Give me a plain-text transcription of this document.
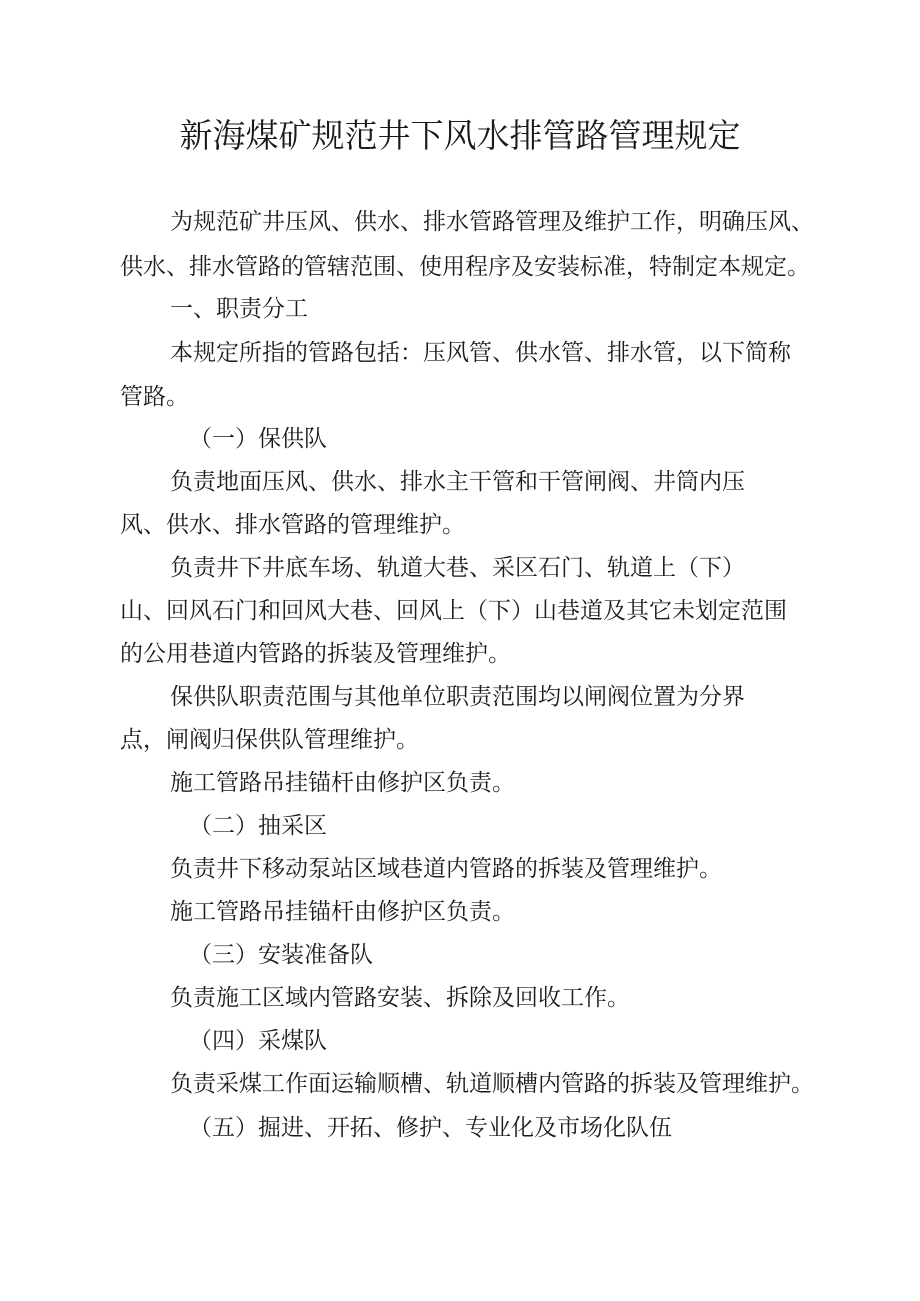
新海煤矿规范井下风水排管路管理规定
为规范矿井压风、供水、排水管路管理及维护工作，明确压风、
供水、排水管路的管辖范围、使用程序及安装标准，特制定本规定。
一、职责分工
本规定所指的管路包括：压风管、供水管、排水管，以下简称
管路。
（一）保供队
负责地面压风、供水、排水主干管和干管闸阀、井筒内压
风、供水、排水管路的管理维护。
负责井下井底车场、轨道大巷、采区石门、轨道上（下）
山、回风石门和回风大巷、回风上（下）山巷道及其它未划定范围
的公用巷道内管路的拆装及管理维护。
保供队职责范围与其他单位职责范围均以闸阀位置为分界
点，闸阀归保供队管理维护。
施工管路吊挂锚杆由修护区负责。
（二）抽采区
负责井下移动泵站区域巷道内管路的拆装及管理维护。
施工管路吊挂锚杆由修护区负责。
（三）安装准备队
负责施工区域内管路安装、拆除及回收工作。
（四）采煤队
负责采煤工作面运输顺槽、轨道顺槽内管路的拆装及管理维护。
（五）掘进、开拓、修护、专业化及市场化队伍
